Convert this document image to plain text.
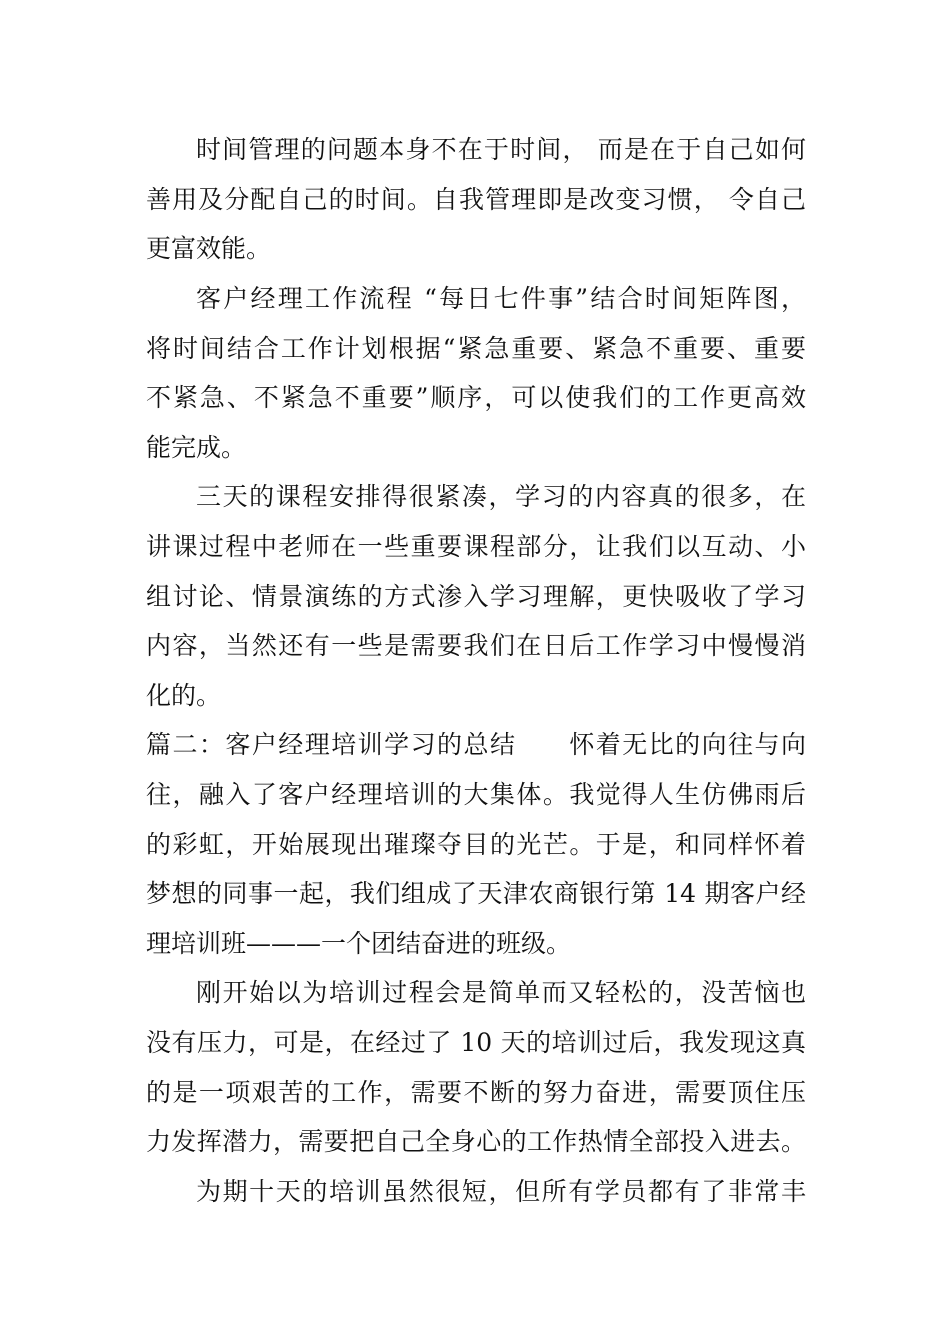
时间管理的问题本身不在于时间， 而是在于自己如何
善用及分配自己的时间。自我管理即是改变习惯， 令自己
更富效能。
客户经理工作流程 “每日七件事”结合时间矩阵图，
将时间结合工作计划根据“紧急重要、紧急不重要、重要
不紧急、不紧急不重要”顺序，可以使我们的工作更高效
能完成。
三天的课程安排得很紧凑，学习的内容真的很多，在
讲课过程中老师在一些重要课程部分，让我们以互动、小
组讨论、情景演练的方式渗入学习理解，更快吸收了学习
内容，当然还有一些是需要我们在日后工作学习中慢慢消
化的。
篇二：客户经理培训学习的总结　　怀着无比的向往与向
往，融入了客户经理培训的大集体。我觉得人生仿佛雨后
的彩虹，开始展现出璀璨夺目的光芒。于是，和同样怀着
梦想的同事一起，我们组成了天津农商银行第 14 期客户经
理培训班———一个团结奋进的班级。
刚开始以为培训过程会是简单而又轻松的，没苦恼也
没有压力，可是，在经过了 10 天的培训过后，我发现这真
的是一项艰苦的工作，需要不断的努力奋进，需要顶住压
力发挥潜力，需要把自己全身心的工作热情全部投入进去。
为期十天的培训虽然很短，但所有学员都有了非常丰
